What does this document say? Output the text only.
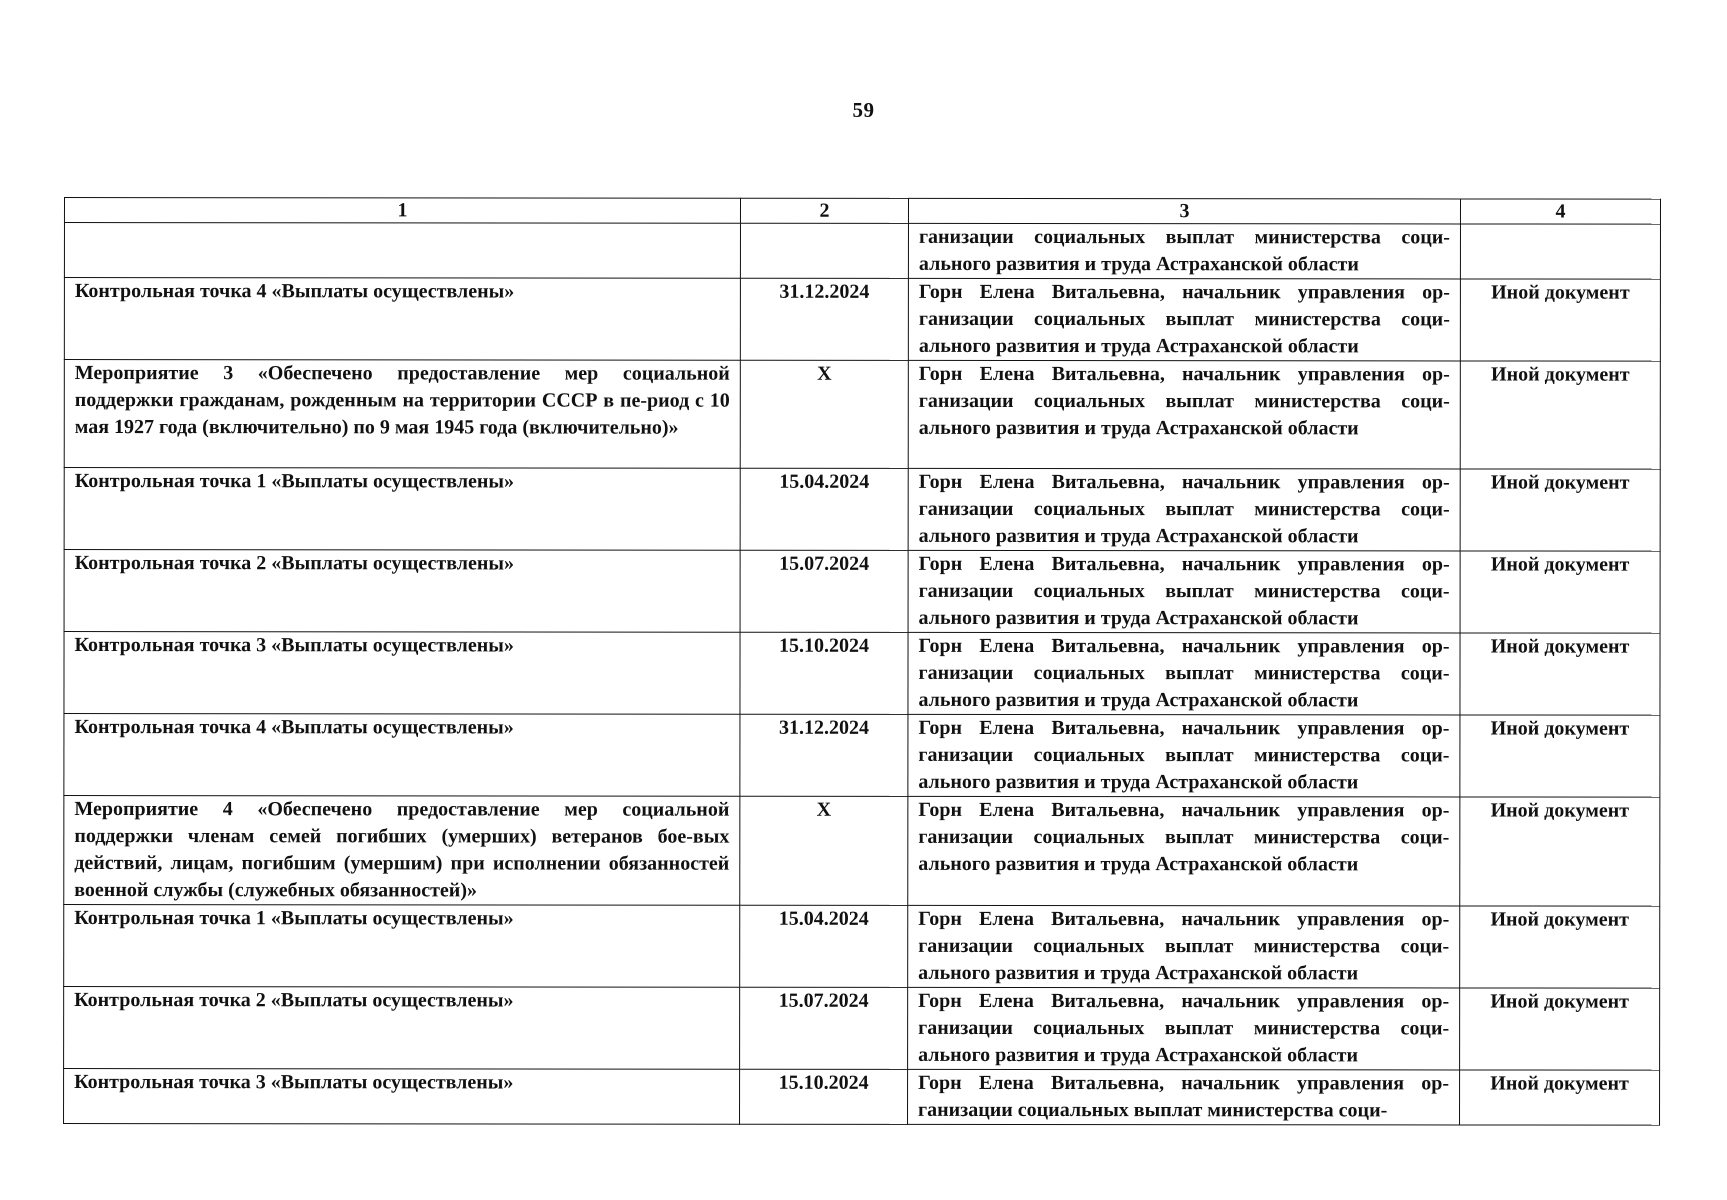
59
1	2	3	4
		ганизации социальных выплат министерства соци-ального развития и труда Астраханской области	
Контрольная точка 4 «Выплаты осуществлены»	31.12.2024	Горн Елена Витальевна, начальник управления ор-ганизации социальных выплат министерства соци-ального развития и труда Астраханской области	Иной документ
Мероприятие 3 «Обеспечено предоставление мер социальной поддержки гражданам, рожденным на территории СССР в пе-риод с 10 мая 1927 года (включительно) по 9 мая 1945 года (включительно)»	X	Горн Елена Витальевна, начальник управления ор-ганизации социальных выплат министерства соци-ального развития и труда Астраханской области	Иной документ
Контрольная точка 1 «Выплаты осуществлены»	15.04.2024	Горн Елена Витальевна, начальник управления ор-ганизации социальных выплат министерства соци-ального развития и труда Астраханской области	Иной документ
Контрольная точка 2 «Выплаты осуществлены»	15.07.2024	Горн Елена Витальевна, начальник управления ор-ганизации социальных выплат министерства соци-ального развития и труда Астраханской области	Иной документ
Контрольная точка 3 «Выплаты осуществлены»	15.10.2024	Горн Елена Витальевна, начальник управления ор-ганизации социальных выплат министерства соци-ального развития и труда Астраханской области	Иной документ
Контрольная точка 4 «Выплаты осуществлены»	31.12.2024	Горн Елена Витальевна, начальник управления ор-ганизации социальных выплат министерства соци-ального развития и труда Астраханской области	Иной документ
Мероприятие 4 «Обеспечено предоставление мер социальной поддержки членам семей погибших (умерших) ветеранов бое-вых действий, лицам, погибшим (умершим) при исполнении обязанностей военной службы (служебных обязанностей)»	X	Горн Елена Витальевна, начальник управления ор-ганизации социальных выплат министерства соци-ального развития и труда Астраханской области	Иной документ
Контрольная точка 1 «Выплаты осуществлены»	15.04.2024	Горн Елена Витальевна, начальник управления ор-ганизации социальных выплат министерства соци-ального развития и труда Астраханской области	Иной документ
Контрольная точка 2 «Выплаты осуществлены»	15.07.2024	Горн Елена Витальевна, начальник управления ор-ганизации социальных выплат министерства соци-ального развития и труда Астраханской области	Иной документ
Контрольная точка 3 «Выплаты осуществлены»	15.10.2024	Горн Елена Витальевна, начальник управления ор-ганизации социальных выплат министерства соци-	Иной документ
